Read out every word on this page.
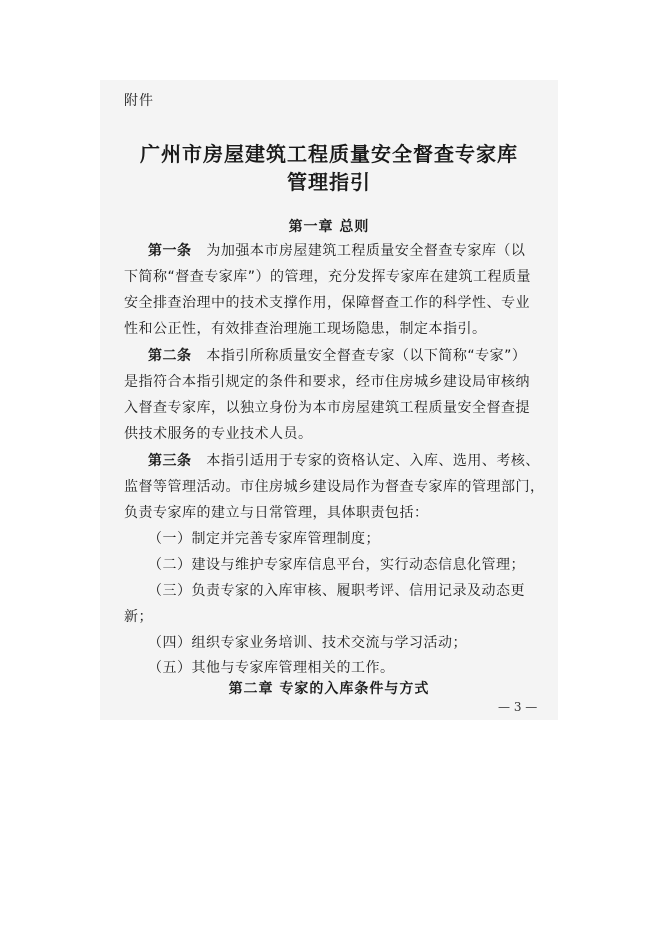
附件
广州市房屋建筑工程质量安全督查专家库
管理指引
第一章 总则
第一条 为加强本市房屋建筑工程质量安全督查专家库（以
下简称“督查专家库”）的管理，充分发挥专家库在建筑工程质量
安全排查治理中的技术支撑作用，保障督查工作的科学性、专业
性和公正性，有效排查治理施工现场隐患，制定本指引。
第二条 本指引所称质量安全督查专家（以下简称“专家”）
是指符合本指引规定的条件和要求，经市住房城乡建设局审核纳
入督查专家库，以独立身份为本市房屋建筑工程质量安全督查提
供技术服务的专业技术人员。
第三条 本指引适用于专家的资格认定、入库、选用、考核、
监督等管理活动。市住房城乡建设局作为督查专家库的管理部门，
负责专家库的建立与日常管理，具体职责包括：
（一）制定并完善专家库管理制度；
（二）建设与维护专家库信息平台，实行动态信息化管理；
（三）负责专家的入库审核、履职考评、信用记录及动态更
新；
（四）组织专家业务培训、技术交流与学习活动；
（五）其他与专家库管理相关的工作。
第二章 专家的入库条件与方式
— 3 —
